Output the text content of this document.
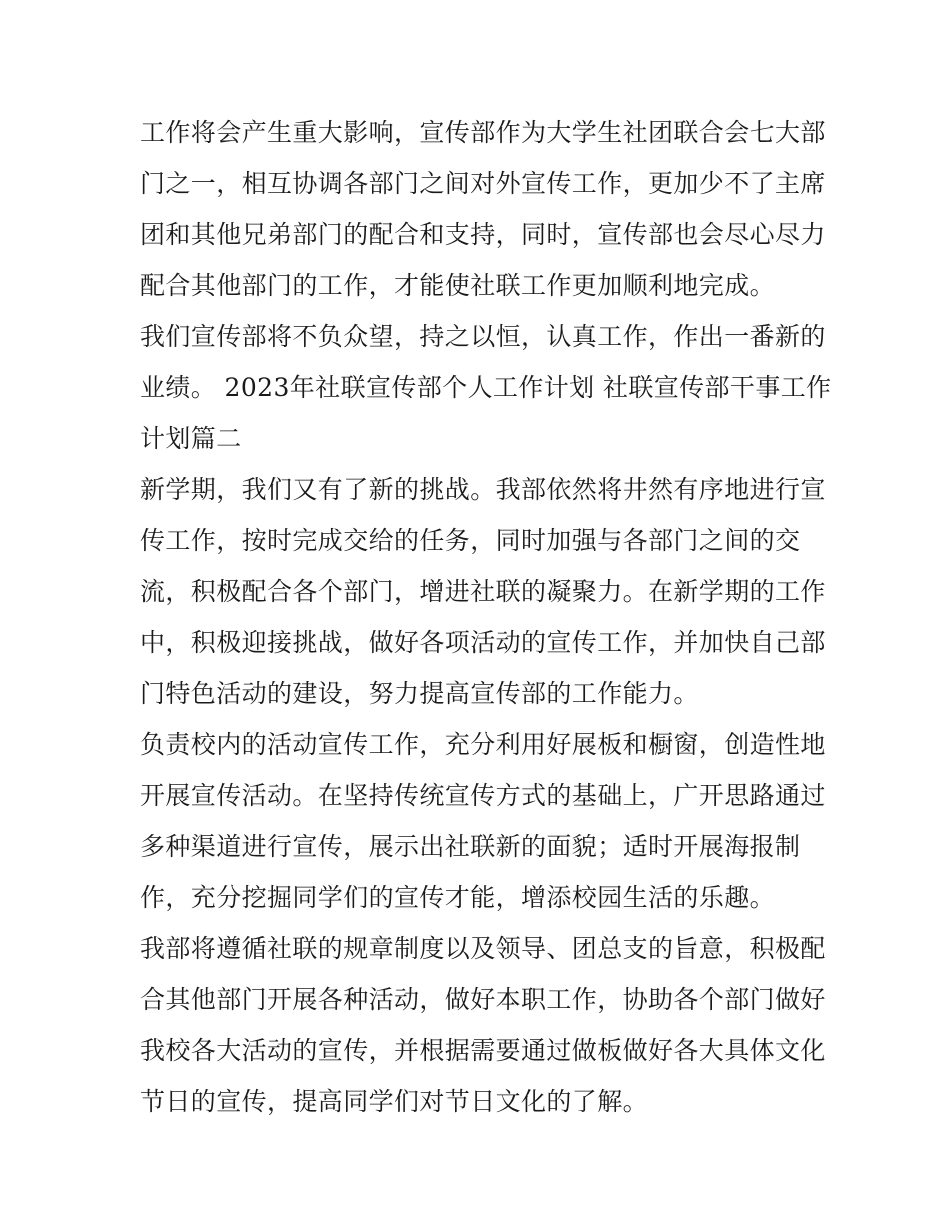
工作将会产生重大影响，宣传部作为大学生社团联合会七大部
门之一，相互协调各部门之间对外宣传工作，更加少不了主席
团和其他兄弟部门的配合和支持，同时，宣传部也会尽心尽力
配合其他部门的工作，才能使社联工作更加顺利地完成。
我们宣传部将不负众望，持之以恒，认真工作，作出一番新的
业绩。 2023年社联宣传部个人工作计划 社联宣传部干事工作
计划篇二
新学期，我们又有了新的挑战。我部依然将井然有序地进行宣
传工作，按时完成交给的任务，同时加强与各部门之间的交
流，积极配合各个部门，增进社联的凝聚力。在新学期的工作
中，积极迎接挑战，做好各项活动的宣传工作，并加快自己部
门特色活动的建设，努力提高宣传部的工作能力。
负责校内的活动宣传工作，充分利用好展板和橱窗，创造性地
开展宣传活动。在坚持传统宣传方式的基础上，广开思路通过
多种渠道进行宣传，展示出社联新的面貌；适时开展海报制
作，充分挖掘同学们的宣传才能，增添校园生活的乐趣。
我部将遵循社联的规章制度以及领导、团总支的旨意，积极配
合其他部门开展各种活动，做好本职工作，协助各个部门做好
我校各大活动的宣传，并根据需要通过做板做好各大具体文化
节日的宣传，提高同学们对节日文化的了解。
